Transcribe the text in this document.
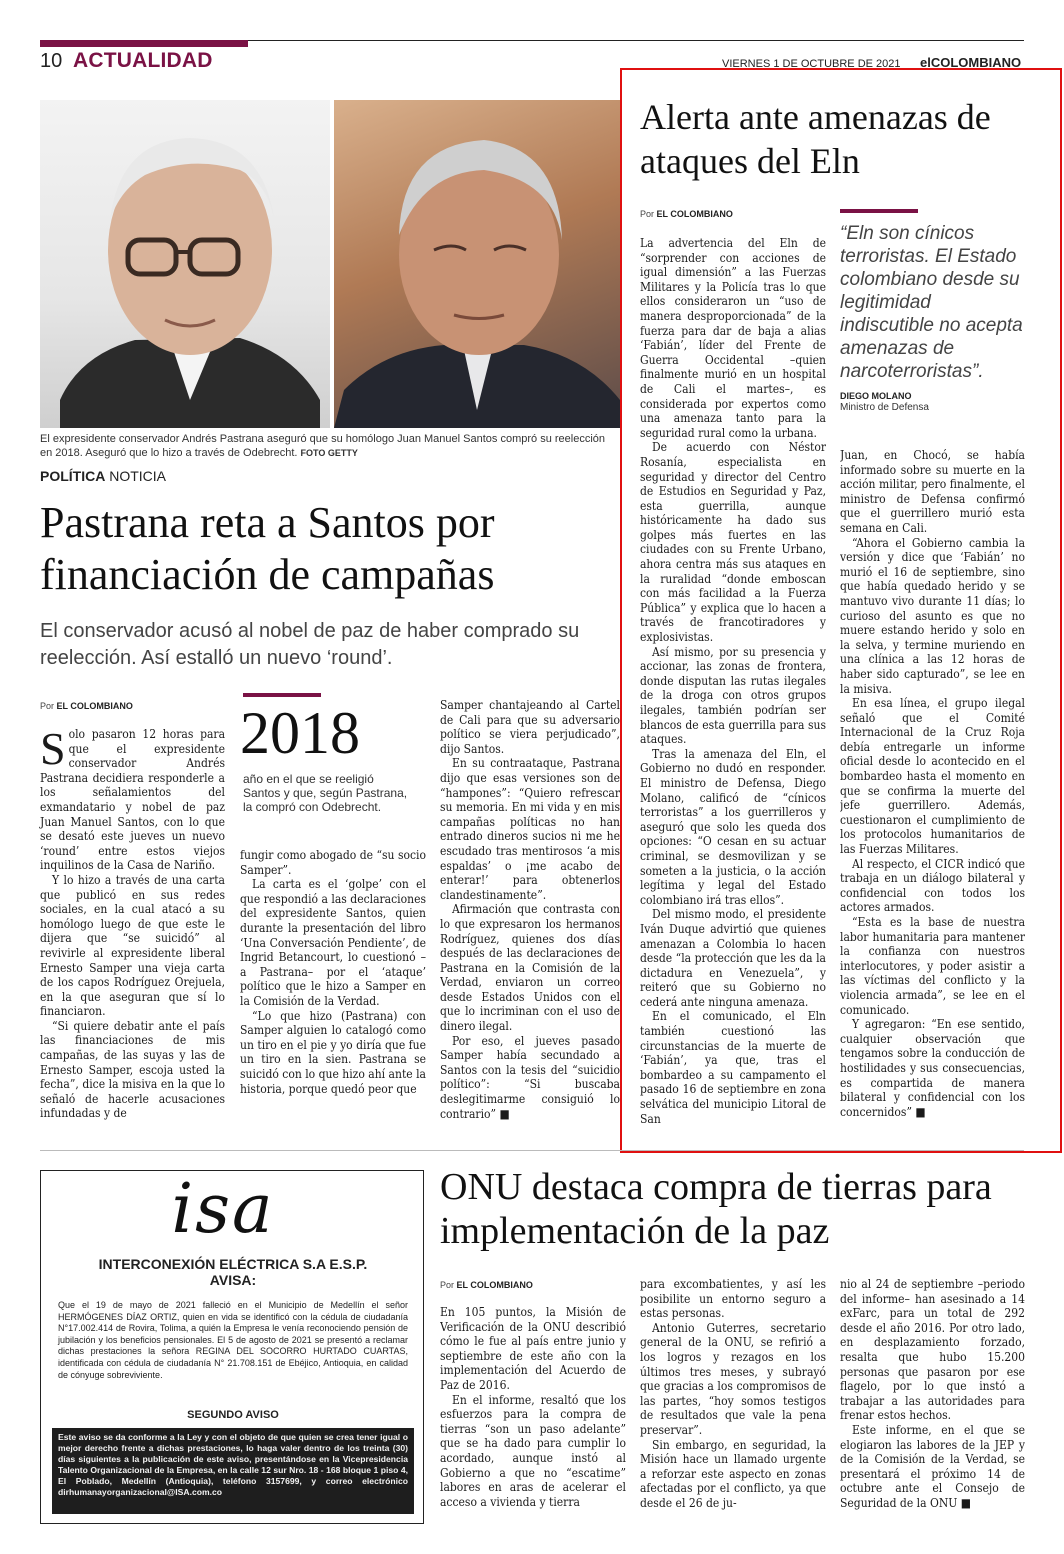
10 ACTUALIDAD	VIERNES 1 DE OCTUBRE DE 2021 elCOLOMBIANO
El expresidente conservador Andrés Pastrana aseguró que su homólogo Juan Manuel Santos compró su reelección en 2018. Aseguró que lo hizo a través de Odebrecht. FOTO GETTY
POLÍTICA NOTICIA
Pastrana reta a Santos por financiación de campañas
El conservador acusó al nobel de paz de haber comprado su reelección. Así estalló un nuevo ‘round’.
Por EL COLOMBIANO
S olo pasaron 12 horas para que el expresidente conservador Andrés Pastrana decidiera responderle a los señalamientos del exmandatario y nobel de paz Juan Manuel Santos, con lo que se desató este jueves un nuevo ‘round’ entre estos viejos inquilinos de la Casa de Nariño.

Y lo hizo a través de una carta que publicó en sus redes sociales, en la cual atacó a su homólogo luego de que este le dijera que “se suicidó” al revivirle al expresidente liberal Ernesto Samper una vieja carta de los capos Rodríguez Orejuela, en la que aseguran que sí lo financiaron.

“Si quiere debatir ante el país las financiaciones de mis campañas, de las suyas y las de Ernesto Samper, escoja usted la fecha”, dice la misiva en la que lo señaló de hacerle acusaciones infundadas y de

2018
año en el que se reeligió Santos y que, según Pastrana, la compró con Odebrecht.

fungir como abogado de “su socio Samper”.

La carta es el ‘golpe’ con el que respondió a las declaraciones del expresidente Santos, quien durante la presentación del libro ‘Una Conversación Pendiente’, de Ingrid Betancourt, lo cuestionó –a Pastrana– por el ‘ataque’ político que le hizo a Samper en la Comisión de la Verdad.

“Lo que hizo (Pastrana) con Samper alguien lo catalogó como un tiro en el pie y yo diría que fue un tiro en la sien. Pastrana se suicidó con lo que hizo ahí ante la historia, porque quedó peor que

Samper chantajeando al Cartel de Cali para que su adversario político se viera perjudicado”, dijo Santos.

En su contraataque, Pastrana dijo que esas versiones son de “hampones”: “Quiero refrescar su memoria. En mi vida y en mis campañas políticas no han entrado dineros sucios ni me he escudado tras mentirosos ‘a mis espaldas’ o ¡me acabo de enterar!’ para obtenerlos clandestinamente”.

Afirmación que contrasta con lo que expresaron los hermanos Rodríguez, quienes dos días después de las declaraciones de Pastrana en la Comisión de la Verdad, enviaron un correo desde Estados Unidos con el que lo incriminan con el uso de dinero ilegal.

Por eso, el jueves pasado Samper había secundado a Santos con la tesis del “suicidio político”: “Si buscaba deslegitimarme consiguió lo contrario” ■

Alerta ante amenazas de ataques del Eln
Por EL COLOMBIANO
“Eln son cínicos terroristas. El Estado colombiano desde su legitimidad indiscutible no acepta amenazas de narcoterroristas”.
DIEGO MOLANO
Ministro de Defensa

La advertencia del Eln de “sorprender con acciones de igual dimensión” a las Fuerzas Militares y la Policía tras lo que ellos consideraron un “uso de manera desproporcionada” de la fuerza para dar de baja a alias ‘Fabián’, líder del Frente de Guerra Occidental –quien finalmente murió en un hospital de Cali el martes–, es considerada por expertos como una amenaza tanto para la seguridad rural como la urbana.

De acuerdo con Néstor Rosanía, especialista en seguridad y director del Centro de Estudios en Seguridad y Paz, esta guerrilla, aunque históricamente ha dado sus golpes más fuertes en las ciudades con su Frente Urbano, ahora centra más sus ataques en la ruralidad “donde emboscan con más facilidad a la Fuerza Pública” y explica que lo hacen a través de francotiradores y explosivistas.

Así mismo, por su presencia y accionar, las zonas de frontera, donde disputan las rutas ilegales de la droga con otros grupos ilegales, también podrían ser blancos de esta guerrilla para sus ataques.

Tras la amenaza del Eln, el Gobierno no dudó en responder. El ministro de Defensa, Diego Molano, calificó de “cínicos terroristas” a los guerrilleros y aseguró que solo les queda dos opciones: “O cesan en su actuar criminal, se desmovilizan y se someten a la justicia, o la acción legítima y legal del Estado colombiano irá tras ellos”.

Del mismo modo, el presidente Iván Duque advirtió que quienes amenazan a Colombia lo hacen desde “la protección que les da la dictadura en Venezuela”, y reiteró que su Gobierno no cederá ante ninguna amenaza.

En el comunicado, el Eln también cuestionó las circunstancias de la muerte de ‘Fabián’, ya que, tras el bombardeo a su campamento el pasado 16 de septiembre en zona selvática del municipio Litoral de San

Juan, en Chocó, se había informado sobre su muerte en la acción militar, pero finalmente, el ministro de Defensa confirmó que el guerrillero murió esta semana en Cali.

“Ahora el Gobierno cambia la versión y dice que ‘Fabián’ no murió el 16 de septiembre, sino que había quedado herido y se mantuvo vivo durante 11 días; lo curioso del asunto es que no muere estando herido y solo en la selva, y termine muriendo en una clínica a las 12 horas de haber sido capturado”, se lee en la misiva.

En esa línea, el grupo ilegal señaló que el Comité Internacional de la Cruz Roja debía entregarle un informe oficial desde lo acontecido en el bombardeo hasta el momento en que se confirma la muerte del jefe guerrillero. Además, cuestionaron el cumplimiento de los protocolos humanitarios de las Fuerzas Militares.

Al respecto, el CICR indicó que trabaja en un diálogo bilateral y confidencial con todos los actores armados.

“Esta es la base de nuestra labor humanitaria para mantener la confianza con nuestros interlocutores, y poder asistir a las víctimas del conflicto y la violencia armada”, se lee en el comunicado.

Y agregaron: “En ese sentido, cualquier observación que tengamos sobre la conducción de hostilidades y sus consecuencias, es compartida de manera bilateral y confidencial con los concernidos” ■

isa
INTERCONEXIÓN ELÉCTRICA S.A E.S.P.
AVISA:
Que el 19 de mayo de 2021 falleció en el Municipio de Medellín el señor HERMÓGENES DÍAZ ORTIZ, quien en vida se identificó con la cédula de ciudadanía N°17.002.414 de Rovira, Tolima, a quién la Empresa le venía reconociendo pensión de jubilación y los beneficios pensionales. El 5 de agosto de 2021 se presentó a reclamar dichas prestaciones la señora REGINA DEL SOCORRO HURTADO CUARTAS, identificada con cédula de ciudadanía N° 21.708.151 de Ebéjico, Antioquia, en calidad de cónyuge sobreviviente.
SEGUNDO AVISO
Este aviso se da conforme a la Ley y con el objeto de que quien se crea tener igual o mejor derecho frente a dichas prestaciones, lo haga valer dentro de los treinta (30) días siguientes a la publicación de este aviso, presentándose en la Vicepresidencia Talento Organizacional de la Empresa, en la calle 12 sur Nro. 18 - 168 bloque 1 piso 4, El Poblado, Medellín (Antioquia), teléfono 3157699, y correo electrónico dirhumanayorganizacional@ISA.com.co
ONU destaca compra de tierras para implementación de la paz
Por EL COLOMBIANO

En 105 puntos, la Misión de Verificación de la ONU describió cómo le fue al país entre junio y septiembre de este año con la implementación del Acuerdo de Paz de 2016.

En el informe, resaltó que los esfuerzos para la compra de tierras “son un paso adelante” que se ha dado para cumplir lo acordado, aunque instó al Gobierno a que no “escatime” labores en aras de acelerar el acceso a vivienda y tierra

para excombatientes, y así les posibilite un entorno seguro a estas personas.

Antonio Guterres, secretario general de la ONU, se refirió a los logros y rezagos en los últimos tres meses, y subrayó que gracias a los compromisos de las partes, “hoy somos testigos de resultados que vale la pena preservar”.

Sin embargo, en seguridad, la Misión hace un llamado urgente a reforzar este aspecto en zonas afectadas por el conflicto, ya que desde el 26 de ju-

nio al 24 de septiembre –periodo del informe– han asesinado a 14 exFarc, para un total de 292 desde el año 2016. Por otro lado, en desplazamiento forzado, resalta que hubo 15.200 personas que pasaron por ese flagelo, por lo que instó a trabajar a las autoridades para frenar estos hechos.

Este informe, en el que se elogiaron las labores de la JEP y de la Comisión de la Verdad, se presentará el próximo 14 de octubre ante el Consejo de Seguridad de la ONU ■
